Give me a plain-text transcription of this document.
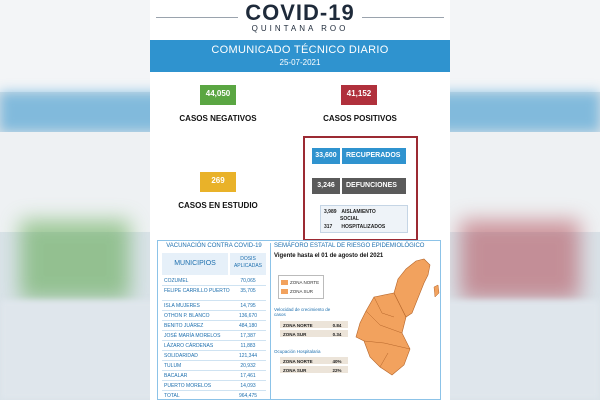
COVID-19
QUINTANA ROO
COMUNICADO TÉCNICO DIARIO
25-07-2021
44,050
CASOS NEGATIVOS
41,152
CASOS POSITIVOS
269
CASOS EN ESTUDIO
33,600	RECUPERADOS
3,246	DEFUNCIONES
3,989 AISLAMIENTO
SOCIAL
317 HOSPITALIZADOS
VACUNACIÓN CONTRA COVID-19
MUNICIPIOS
DOSIS
APLICADAS
COZUMEL	70,065
FELIPE CARRILLO PUERTO	35,705
ISLA MUJERES	14,795
OTHON P. BLANCO	136,670
BENITO JUÁREZ	484,180
JOSÉ MARÍA MORELOS	17,387
LÁZARO CÁRDENAS	11,883
SOLIDARIDAD	121,344
TULUM	20,932
BACALAR	17,461
PUERTO MORELOS	14,093
TOTAL	964,475
SEMÁFORO ESTATAL DE RIESGO EPIDEMIOLÓGICO
Vigente hasta el 01 de agosto del 2021
ZONA NORTE
ZONA SUR
Velocidad de crecimiento de
casos
ZONA NORTE	0.84
ZONA SUR	0.34
Ocupación Hospitalaria
ZONA NORTE	40%
ZONA SUR	22%
